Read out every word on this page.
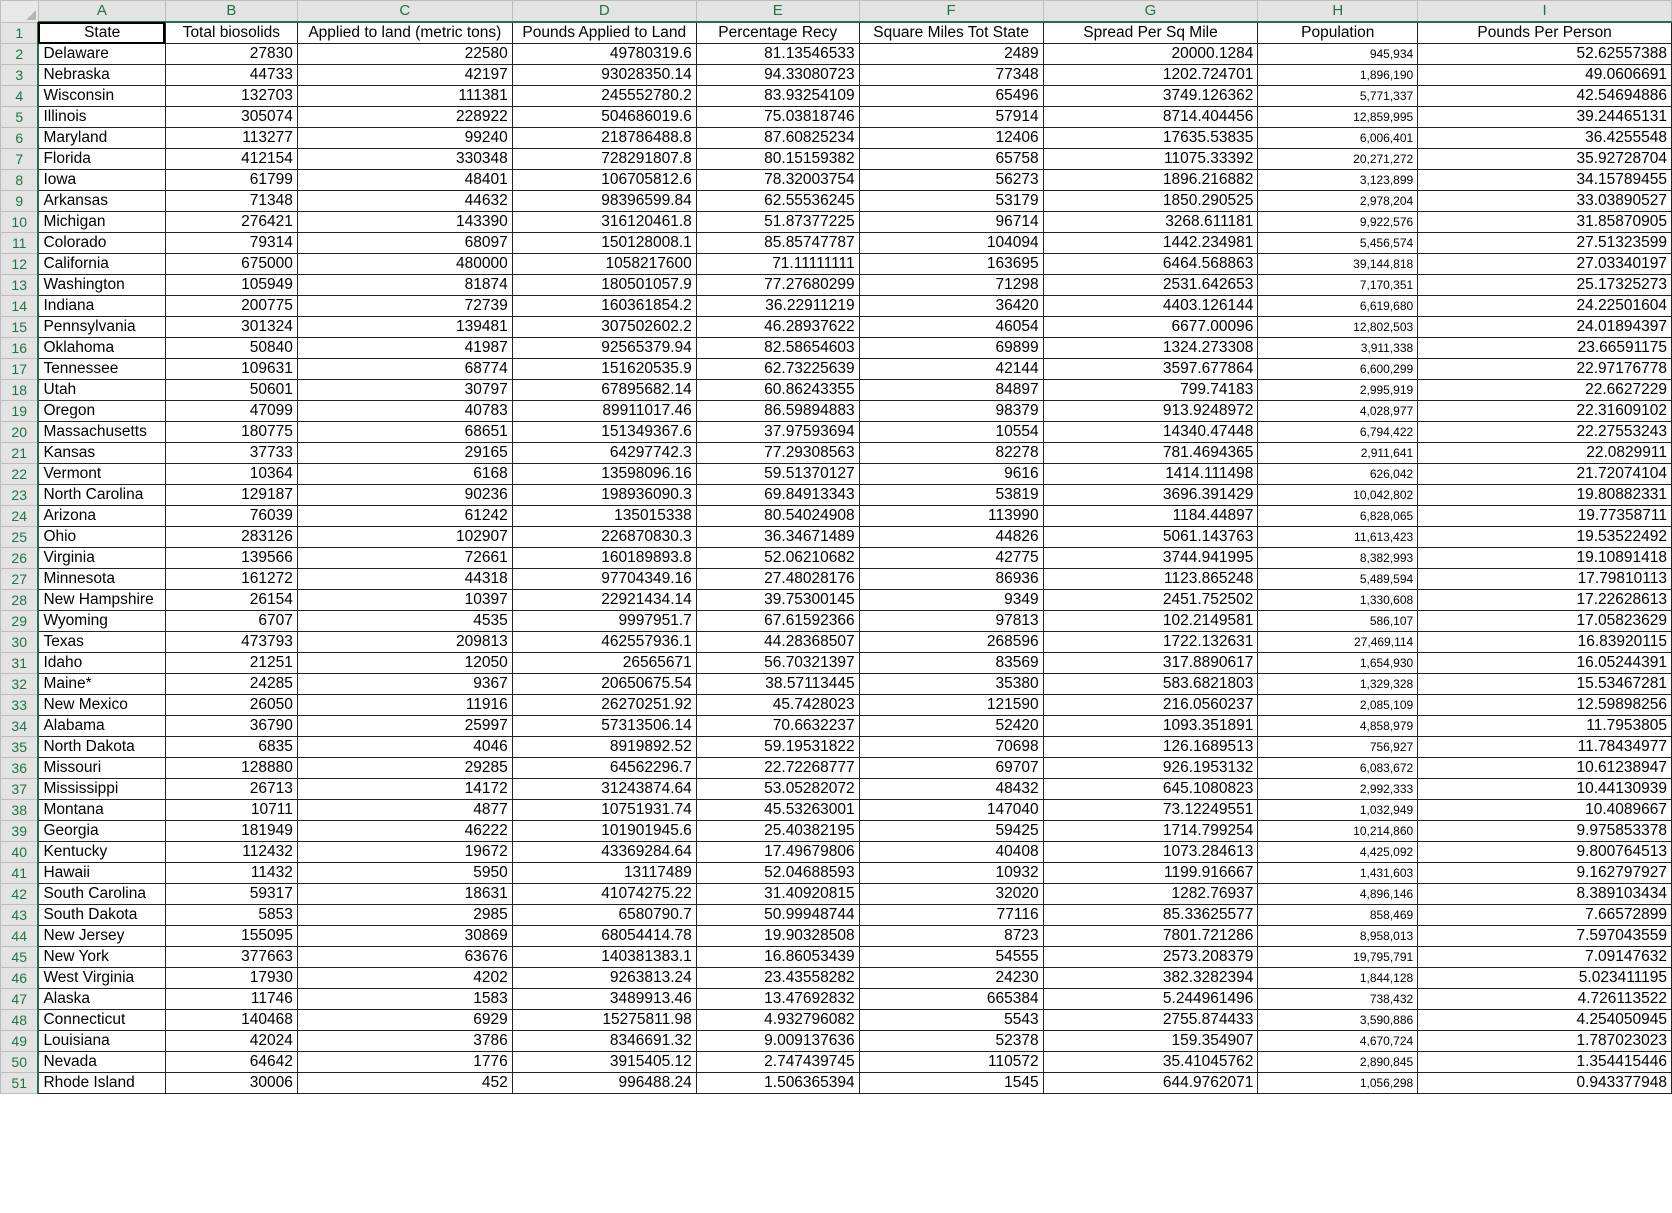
	A	B	C	D	E	F	G	H	I
1	State	Total biosolids	Applied to land (metric tons)	Pounds Applied to Land	Percentage Recy	Square Miles Tot State	Spread Per Sq Mile	Population	Pounds Per Person
2	Delaware	27830	22580	49780319.6	81.13546533	2489	20000.1284	945,934	52.62557388
3	Nebraska	44733	42197	93028350.14	94.33080723	77348	1202.724701	1,896,190	49.0606691
4	Wisconsin	132703	111381	245552780.2	83.93254109	65496	3749.126362	5,771,337	42.54694886
5	Illinois	305074	228922	504686019.6	75.03818746	57914	8714.404456	12,859,995	39.24465131
6	Maryland	113277	99240	218786488.8	87.60825234	12406	17635.53835	6,006,401	36.4255548
7	Florida	412154	330348	728291807.8	80.15159382	65758	11075.33392	20,271,272	35.92728704
8	Iowa	61799	48401	106705812.6	78.32003754	56273	1896.216882	3,123,899	34.15789455
9	Arkansas	71348	44632	98396599.84	62.55536245	53179	1850.290525	2,978,204	33.03890527
10	Michigan	276421	143390	316120461.8	51.87377225	96714	3268.611181	9,922,576	31.85870905
11	Colorado	79314	68097	150128008.1	85.85747787	104094	1442.234981	5,456,574	27.51323599
12	California	675000	480000	1058217600	71.11111111	163695	6464.568863	39,144,818	27.03340197
13	Washington	105949	81874	180501057.9	77.27680299	71298	2531.642653	7,170,351	25.17325273
14	Indiana	200775	72739	160361854.2	36.22911219	36420	4403.126144	6,619,680	24.22501604
15	Pennsylvania	301324	139481	307502602.2	46.28937622	46054	6677.00096	12,802,503	24.01894397
16	Oklahoma	50840	41987	92565379.94	82.58654603	69899	1324.273308	3,911,338	23.66591175
17	Tennessee	109631	68774	151620535.9	62.73225639	42144	3597.677864	6,600,299	22.97176778
18	Utah	50601	30797	67895682.14	60.86243355	84897	799.74183	2,995,919	22.6627229
19	Oregon	47099	40783	89911017.46	86.59894883	98379	913.9248972	4,028,977	22.31609102
20	Massachusetts	180775	68651	151349367.6	37.97593694	10554	14340.47448	6,794,422	22.27553243
21	Kansas	37733	29165	64297742.3	77.29308563	82278	781.4694365	2,911,641	22.0829911
22	Vermont	10364	6168	13598096.16	59.51370127	9616	1414.111498	626,042	21.72074104
23	North Carolina	129187	90236	198936090.3	69.84913343	53819	3696.391429	10,042,802	19.80882331
24	Arizona	76039	61242	135015338	80.54024908	113990	1184.44897	6,828,065	19.77358711
25	Ohio	283126	102907	226870830.3	36.34671489	44826	5061.143763	11,613,423	19.53522492
26	Virginia	139566	72661	160189893.8	52.06210682	42775	3744.941995	8,382,993	19.10891418
27	Minnesota	161272	44318	97704349.16	27.48028176	86936	1123.865248	5,489,594	17.79810113
28	New Hampshire	26154	10397	22921434.14	39.75300145	9349	2451.752502	1,330,608	17.22628613
29	Wyoming	6707	4535	9997951.7	67.61592366	97813	102.2149581	586,107	17.05823629
30	Texas	473793	209813	462557936.1	44.28368507	268596	1722.132631	27,469,114	16.83920115
31	Idaho	21251	12050	26565671	56.70321397	83569	317.8890617	1,654,930	16.05244391
32	Maine*	24285	9367	20650675.54	38.57113445	35380	583.6821803	1,329,328	15.53467281
33	New Mexico	26050	11916	26270251.92	45.7428023	121590	216.0560237	2,085,109	12.59898256
34	Alabama	36790	25997	57313506.14	70.6632237	52420	1093.351891	4,858,979	11.7953805
35	North Dakota	6835	4046	8919892.52	59.19531822	70698	126.1689513	756,927	11.78434977
36	Missouri	128880	29285	64562296.7	22.72268777	69707	926.1953132	6,083,672	10.61238947
37	Mississippi	26713	14172	31243874.64	53.05282072	48432	645.1080823	2,992,333	10.44130939
38	Montana	10711	4877	10751931.74	45.53263001	147040	73.12249551	1,032,949	10.4089667
39	Georgia	181949	46222	101901945.6	25.40382195	59425	1714.799254	10,214,860	9.975853378
40	Kentucky	112432	19672	43369284.64	17.49679806	40408	1073.284613	4,425,092	9.800764513
41	Hawaii	11432	5950	13117489	52.04688593	10932	1199.916667	1,431,603	9.162797927
42	South Carolina	59317	18631	41074275.22	31.40920815	32020	1282.76937	4,896,146	8.389103434
43	South Dakota	5853	2985	6580790.7	50.99948744	77116	85.33625577	858,469	7.66572899
44	New Jersey	155095	30869	68054414.78	19.90328508	8723	7801.721286	8,958,013	7.597043559
45	New York	377663	63676	140381383.1	16.86053439	54555	2573.208379	19,795,791	7.09147632
46	West Virginia	17930	4202	9263813.24	23.43558282	24230	382.3282394	1,844,128	5.023411195
47	Alaska	11746	1583	3489913.46	13.47692832	665384	5.244961496	738,432	4.726113522
48	Connecticut	140468	6929	15275811.98	4.932796082	5543	2755.874433	3,590,886	4.254050945
49	Louisiana	42024	3786	8346691.32	9.009137636	52378	159.354907	4,670,724	1.787023023
50	Nevada	64642	1776	3915405.12	2.747439745	110572	35.41045762	2,890,845	1.354415446
51	Rhode Island	30006	452	996488.24	1.506365394	1545	644.9762071	1,056,298	0.943377948
